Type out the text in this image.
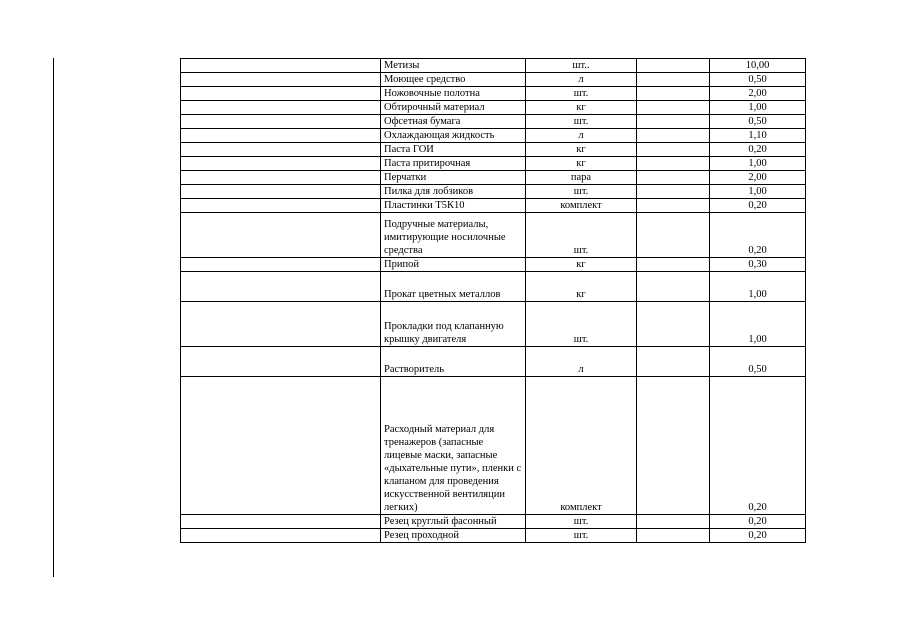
	Метизы	шт..		10,00
	Моющее средство	л		0,50
	Ножовочные полотна	шт.		2,00
	Обтирочный материал	кг		1,00
	Офсетная бумага	шт.		0,50
	Охлаждающая жидкость	л		1,10
	Паста ГОИ	кг		0,20
	Паста притирочная	кг		1,00
	Перчатки	пара		2,00
	Пилка для лобзиков	шт.		1,00
	Пластинки Т5К10	комплект		0,20
	Подручные материалы, имитирующие носилочные средства	шт.		0,20
	Припой	кг		0,30
	Прокат цветных металлов	кг		1,00
	Прокладки под клапанную крышку двигателя	шт.		1,00
	Растворитель	л		0,50
	Расходный материал для тренажеров (запасные лицевые маски, запасные «дыхательные пути», пленки с клапаном для проведения искусственной вентиляции легких)	комплект		0,20
	Резец круглый фасонный	шт.		0,20
	Резец проходной	шт.		0,20
